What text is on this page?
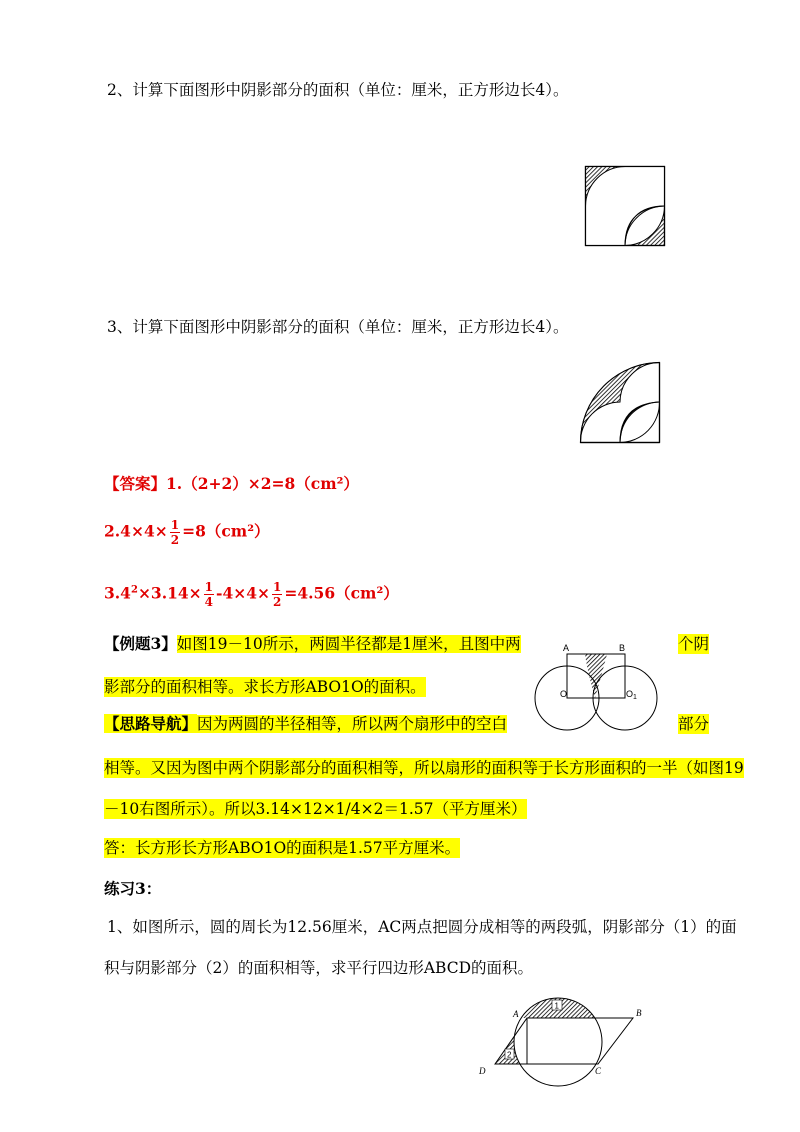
2、计算下面图形中阴影部分的面积（单位：厘米，正方形边长4）。
3、计算下面图形中阴影部分的面积（单位：厘米，正方形边长4）。
【答案】1.（2+2）×2=8（cm²）
$2.4\times 4\times \frac{1}{2} =8(cm^2)$
$3.4^2\times 3.14\times \frac{1}{4} -4\times 4\times \frac{1}{2} =4.56(cm^2)$
【例题3】如图19－10所示，两圆半径都是1厘米，且图中两	个阴
影部分的面积相等。求长方形ABO1O的面积。
A	B
O	$O_1$
【思路导航】因为两圆的半径相等，所以两个扇形中的空白	部分
相等。又因为图中两个阴影部分的面积相等，所以扇形的面积等于长方形面积的一半（如图19
－10右图所示）。所以3.14×12×1/4×2＝1.57（平方厘米）
答：长方形长方形ABO1O的面积是1.57平方厘米。
练习3：
1、如图所示，圆的周长为12.56厘米，AC两点把圆分成相等的两段弧，阴影部分（1）的面
积与阴影部分（2）的面积相等，求平行四边形ABCD的面积。
1
2
A	B
C
D
